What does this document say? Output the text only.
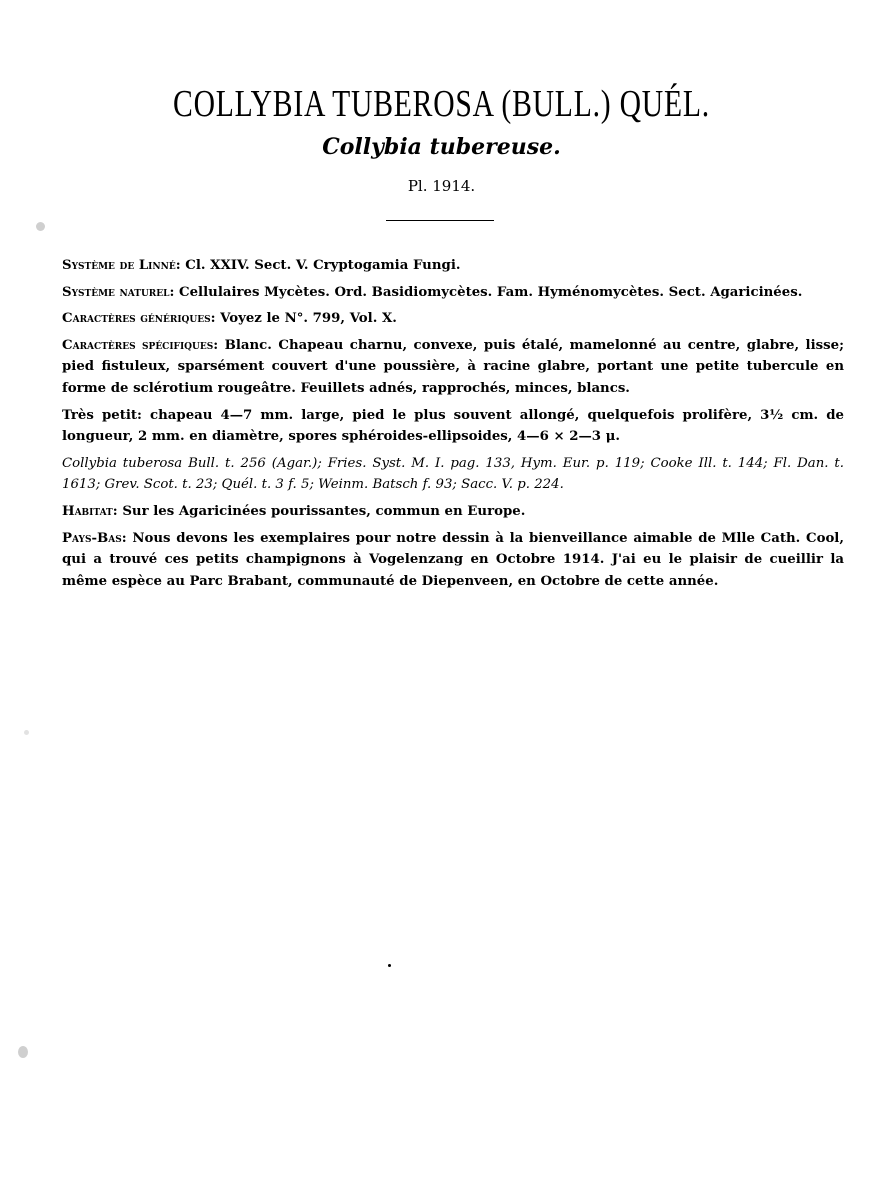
COLLYBIA TUBEROSA (BULL.) QUÉL.
Collybia tubereuse.
Pl. 1914.

Système de Linné: Cl. XXIV. Sect. V. Cryptogamia Fungi.

Système naturel: Cellulaires Mycètes. Ord. Basidiomycètes. Fam. Hyménomycètes. Sect. Agaricinées.

Caractères génériques: Voyez le N°. 799, Vol. X.

Caractères spécifiques: Blanc. Chapeau charnu, convexe, puis étalé, mamelonné au centre, glabre, lisse; pied fistuleux, sparsément couvert d'une poussière, à racine glabre, portant une petite tubercule en forme de sclérotium rougeâtre. Feuillets adnés, rapprochés, minces, blancs.

Très petit: chapeau 4—7 mm. large, pied le plus souvent allongé, quelquefois prolifère, 3½ cm. de longueur, 2 mm. en diamètre, spores sphéroides-ellipsoides, 4—6 × 2—3 μ.

Collybia tuberosa Bull. t. 256 (Agar.); Fries. Syst. M. I. pag. 133, Hym. Eur. p. 119; Cooke Ill. t. 144; Fl. Dan. t. 1613; Grev. Scot. t. 23; Quél. t. 3 f. 5; Weinm. Batsch f. 93; Sacc. V. p. 224.

Habitat: Sur les Agaricinées pourissantes, commun en Europe.

Pays-Bas: Nous devons les exemplaires pour notre dessin à la bienveillance aimable de Mlle Cath. Cool, qui a trouvé ces petits champignons à Vogelenzang en Octobre 1914. J'ai eu le plaisir de cueillir la même espèce au Parc Brabant, communauté de Diepenveen, en Octobre de cette année.
